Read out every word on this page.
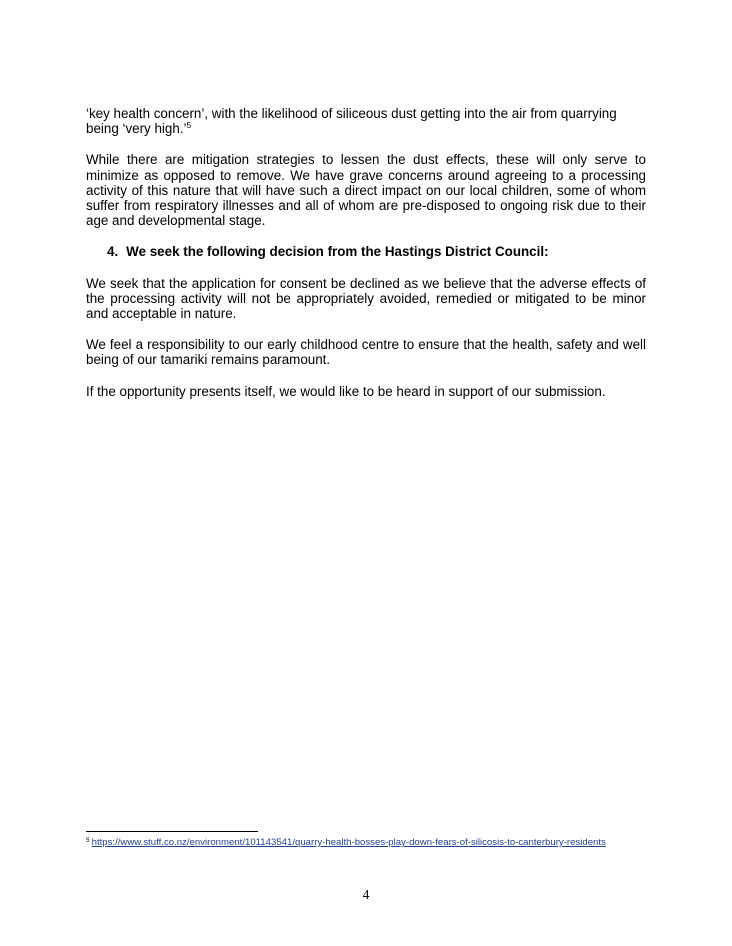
‘key health concern’, with the likelihood of siliceous dust getting into the air from quarrying being ‘very high.’$^5$

While there are mitigation strategies to lessen the dust effects, these will only serve to minimize as opposed to remove. We have grave concerns around agreeing to a processing activity of this nature that will have such a direct impact on our local children, some of whom suffer from respiratory illnesses and all of whom are pre-disposed to ongoing risk due to their age and developmental stage.

4. We seek the following decision from the Hastings District Council:

We seek that the application for consent be declined as we believe that the adverse effects of the processing activity will not be appropriately avoided, remedied or mitigated to be minor and acceptable in nature.

We feel a responsibility to our early childhood centre to ensure that the health, safety and well being of our tamariki remains paramount.

If the opportunity presents itself, we would like to be heard in support of our submission.

$^5$ https://www.stuff.co.nz/environment/101143541/quarry-health-bosses-play-down-fears-of-silicosis-to-canterbury-residents
4
